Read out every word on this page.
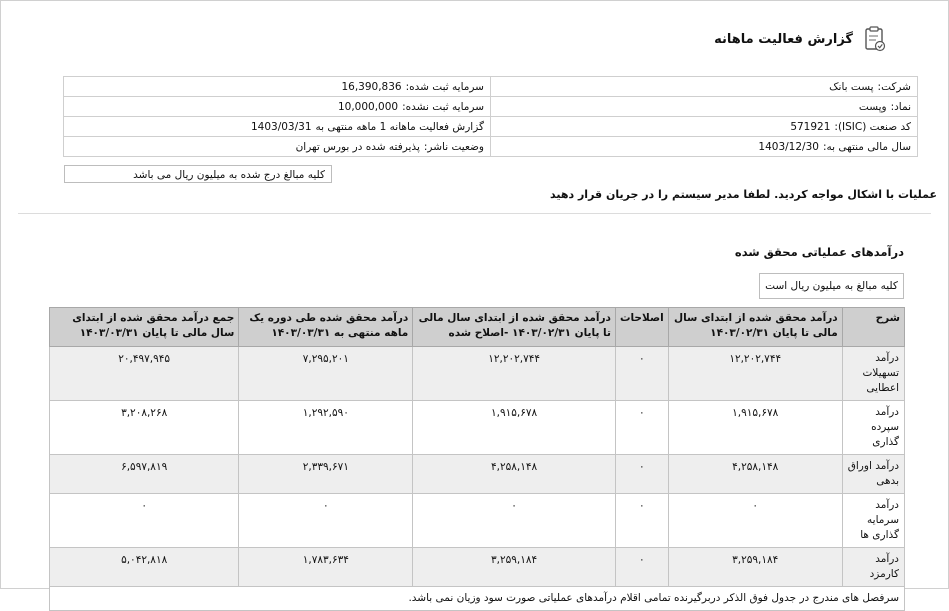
گزارش فعالیت ماهانه
شرکت:پست بانک	سرمایه ثبت شده:16,390,836
نماد:وپست	سرمایه ثبت نشده:10,000,000
کد صنعت (ISIC):571921	گزارش فعالیت ماهانه 1 ماهه منتهی به1403/03/31
سال مالی منتهی به:1403/12/30	وضعیت ناشر:پذیرفته شده در بورس تهران
کلیه مبالغ درج شده به میلیون ریال می باشد
عملیات با اشکال مواجه کردید. لطفا مدیر سیستم را در جریان قرار دهید
درآمدهای عملیاتی محقق شده
کلیه مبالغ به میلیون ریال است
شرح	درآمد محقق شده از ابتدای سال مالی تا پایان ۱۴۰۳/۰۲/۳۱	اصلاحات	درآمد محقق شده از ابتدای سال مالی تا پایان ۱۴۰۳/۰۲/۳۱ -اصلاح شده	درآمد محقق شده طی دوره یک ماهه منتهی به ۱۴۰۳/۰۳/۳۱	جمع درآمد محقق شده از ابتدای سال مالی تا پایان ۱۴۰۳/۰۳/۳۱
درآمد تسهیلات اعطایی	۱۲,۲۰۲,۷۴۴	۰	۱۲,۲۰۲,۷۴۴	۷,۲۹۵,۲۰۱	۲۰,۴۹۷,۹۴۵
درآمد سپرده گذاری	۱,۹۱۵,۶۷۸	۰	۱,۹۱۵,۶۷۸	۱,۲۹۲,۵۹۰	۳,۲۰۸,۲۶۸
درآمد اوراق بدهی	۴,۲۵۸,۱۴۸	۰	۴,۲۵۸,۱۴۸	۲,۳۳۹,۶۷۱	۶,۵۹۷,۸۱۹
درآمد سرمایه گذاری ها	۰	۰	۰	۰	۰
درآمد کارمزد	۳,۲۵۹,۱۸۴	۰	۳,۲۵۹,۱۸۴	۱,۷۸۳,۶۳۴	۵,۰۴۲,۸۱۸
سرفصل های مندرج در جدول فوق الذکر دربرگیرنده تمامی اقلام درآمدهای عملیاتی صورت سود وزیان نمی باشد.					
